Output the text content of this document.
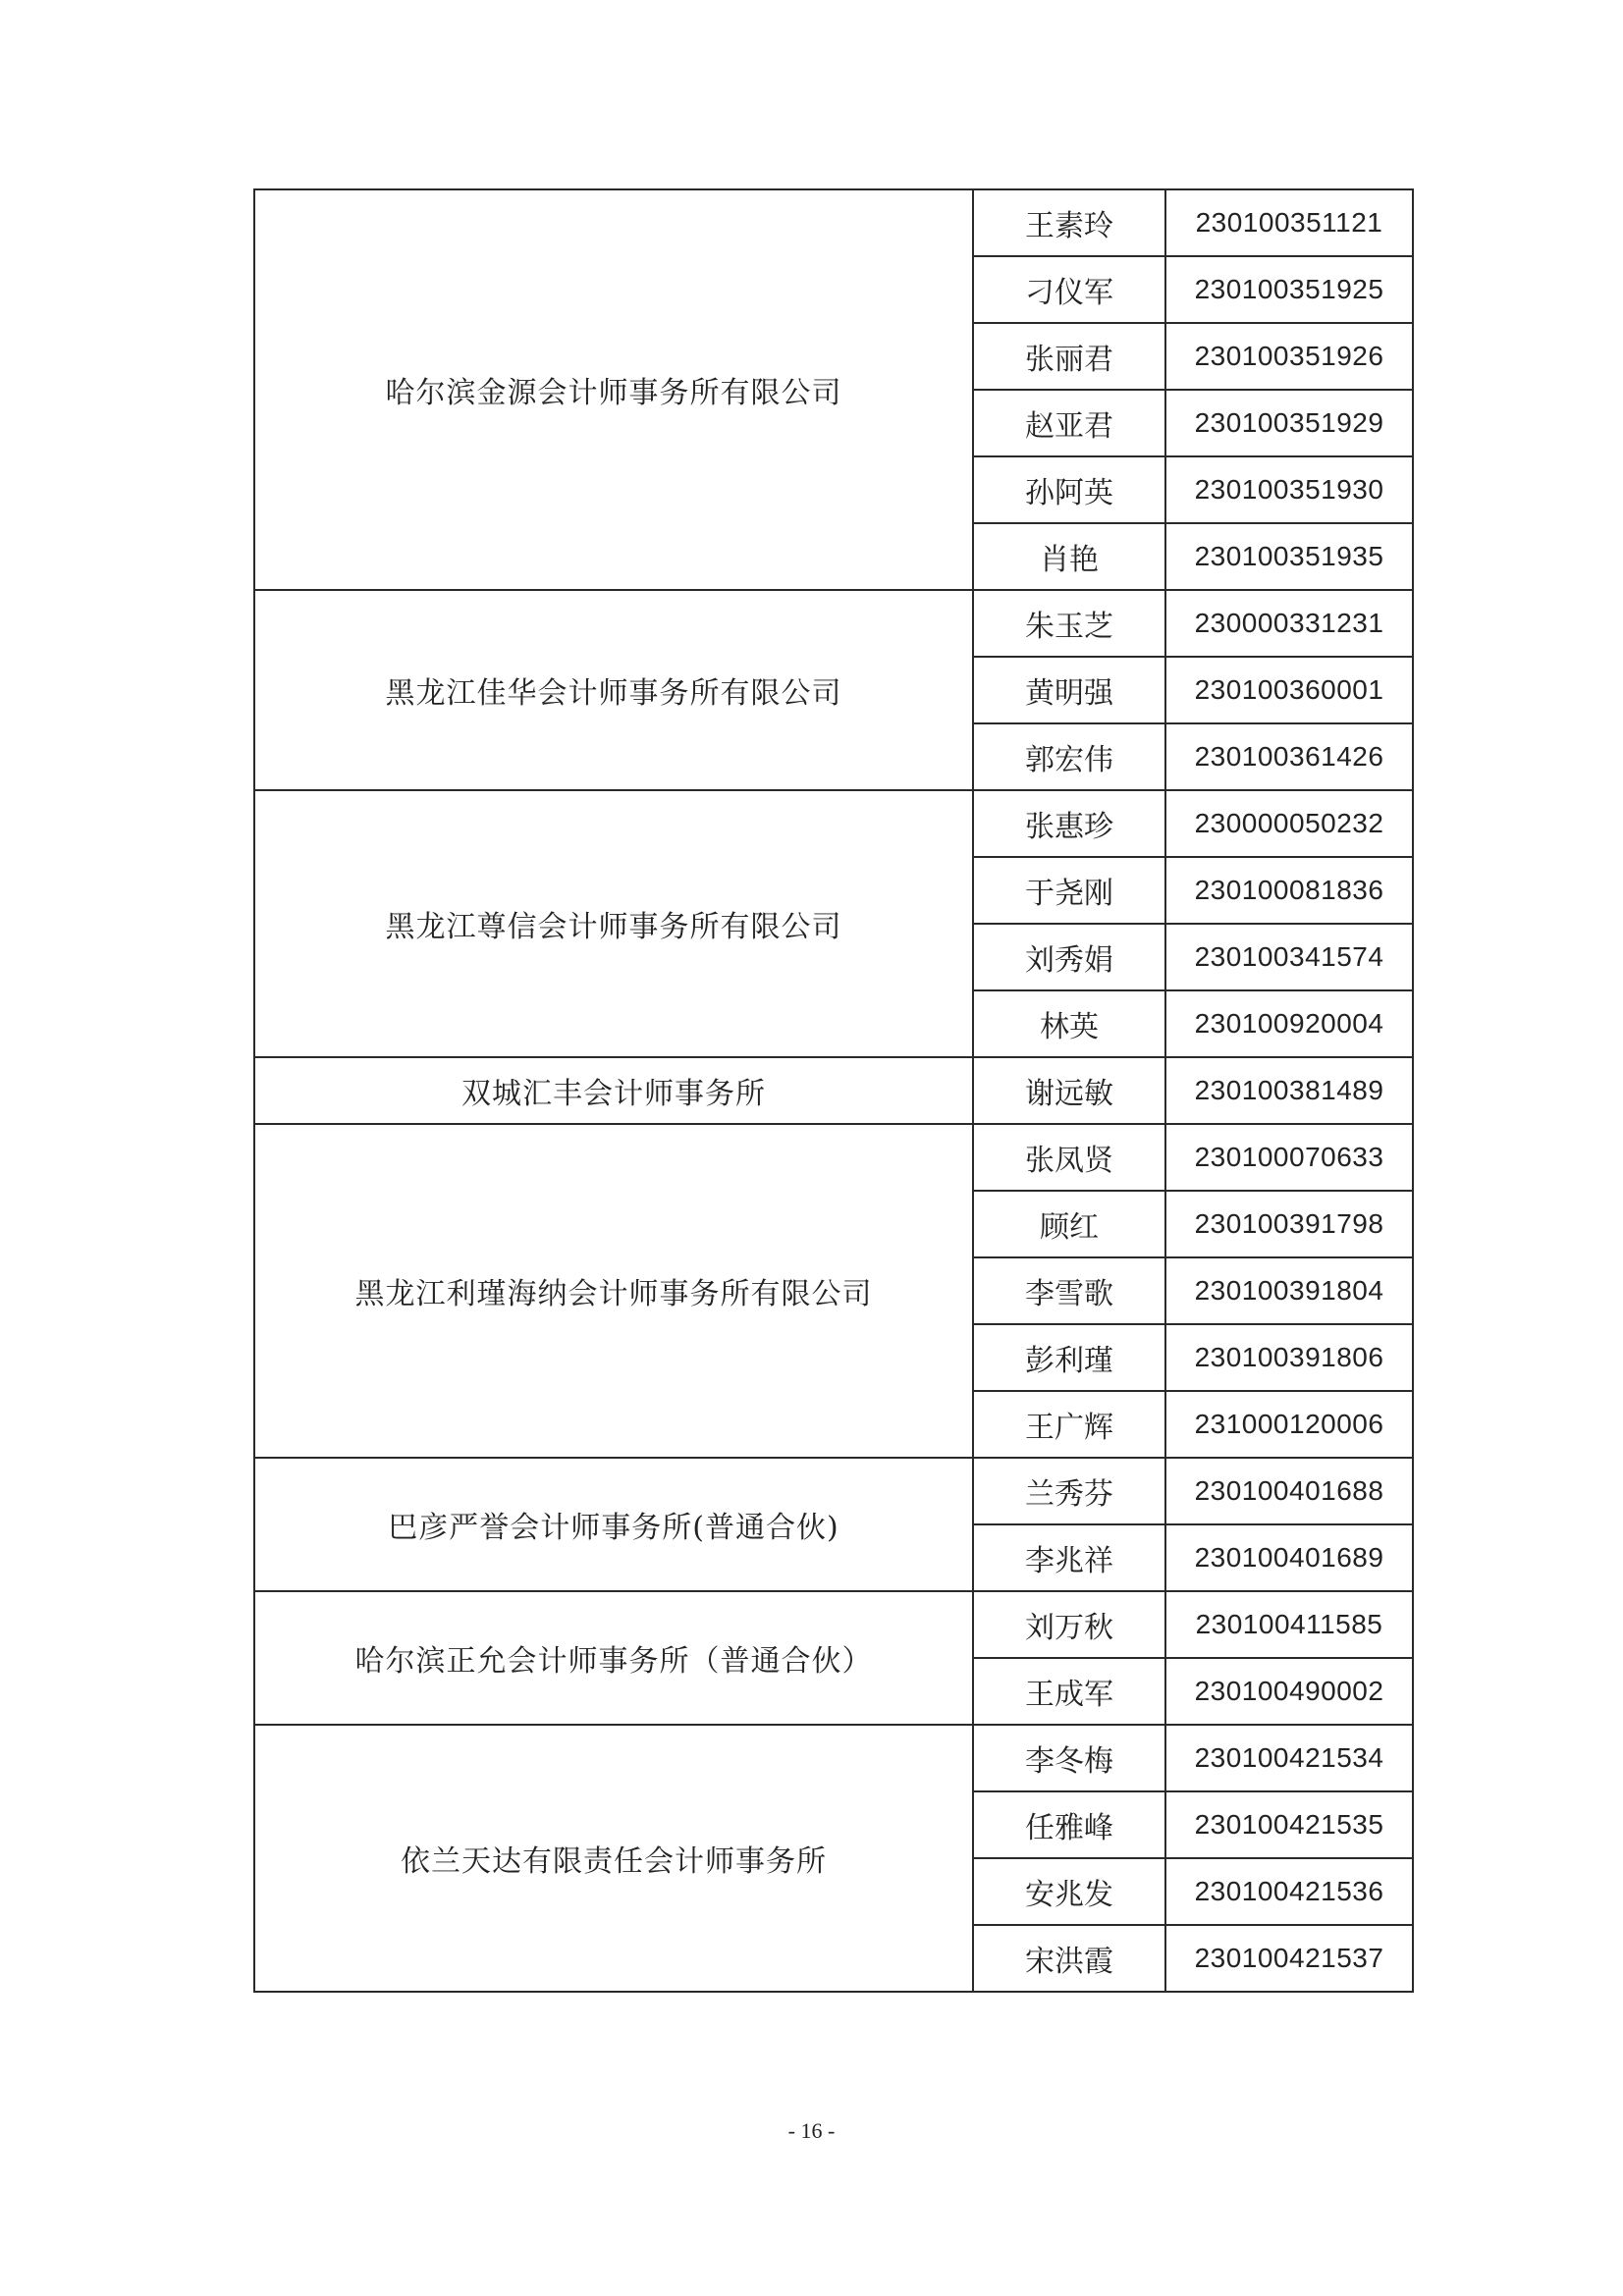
哈尔滨金源会计师事务所有限公司	王素玲	230100351121
	刁仪军	230100351925
	张丽君	230100351926
	赵亚君	230100351929
	孙阿英	230100351930
	肖艳	230100351935
黑龙江佳华会计师事务所有限公司	朱玉芝	230000331231
	黄明强	230100360001
	郭宏伟	230100361426
黑龙江尊信会计师事务所有限公司	张惠珍	230000050232
	于尧刚	230100081836
	刘秀娟	230100341574
	林英	230100920004
双城汇丰会计师事务所	谢远敏	230100381489
黑龙江利瑾海纳会计师事务所有限公司	张凤贤	230100070633
	顾红	230100391798
	李雪歌	230100391804
	彭利瑾	230100391806
	王广辉	231000120006
巴彦严誉会计师事务所(普通合伙)	兰秀芬	230100401688
	李兆祥	230100401689
哈尔滨正允会计师事务所（普通合伙）	刘万秋	230100411585
	王成军	230100490002
依兰天达有限责任会计师事务所	李冬梅	230100421534
	任雅峰	230100421535
	安兆发	230100421536
	宋洪霞	230100421537
- 16 -
